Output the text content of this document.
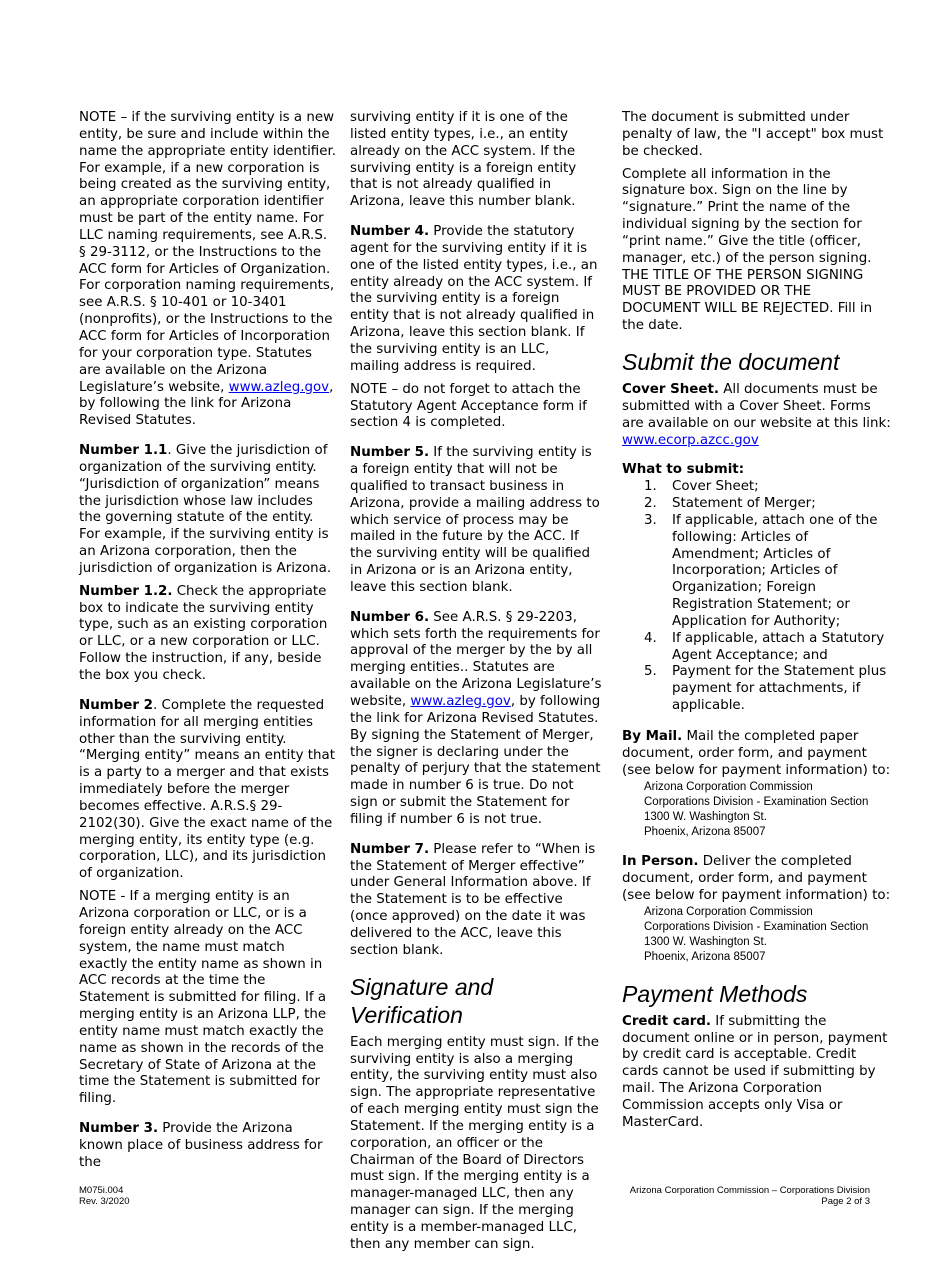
NOTE – if the surviving entity is a new entity, be sure and include within the name the appropriate entity identifier. For example, if a new corporation is being created as the surviving entity, an appropriate corporation identifier must be part of the entity name. For LLC naming requirements, see A.R.S. § 29-3112, or the Instructions to the ACC form for Articles of Organization. For corporation naming requirements, see A.R.S. § 10-401 or 10-3401 (nonprofits), or the Instructions to the ACC form for Articles of Incorporation for your corporation type. Statutes are available on the Arizona Legislature’s website, www.azleg.gov, by following the link for Arizona Revised Statutes.

Number 1.1. Give the jurisdiction of organization of the surviving entity. “Jurisdiction of organization” means the jurisdiction whose law includes the governing statute of the entity. For example, if the surviving entity is an Arizona corporation, then the jurisdiction of organization is Arizona.

Number 1.2. Check the appropriate box to indicate the surviving entity type, such as an existing corporation or LLC, or a new corporation or LLC. Follow the instruction, if any, beside the box you check.

Number 2. Complete the requested information for all merging entities other than the surviving entity. “Merging entity” means an entity that is a party to a merger and that exists immediately before the merger becomes effective. A.R.S.§ 29-2102(30). Give the exact name of the merging entity, its entity type (e.g. corporation, LLC), and its jurisdiction of organization.

NOTE - If a merging entity is an Arizona corporation or LLC, or is a foreign entity already on the ACC system, the name must match exactly the entity name as shown in ACC records at the time the Statement is submitted for filing. If a merging entity is an Arizona LLP, the entity name must match exactly the name as shown in the records of the Secretary of State of Arizona at the time the Statement is submitted for filing.

Number 3. Provide the Arizona known place of business address for the

surviving entity if it is one of the listed entity types, i.e., an entity already on the ACC system. If the surviving entity is a foreign entity that is not already qualified in Arizona, leave this number blank.

Number 4. Provide the statutory agent for the surviving entity if it is one of the listed entity types, i.e., an entity already on the ACC system. If the surviving entity is a foreign entity that is not already qualified in Arizona, leave this section blank. If the surviving entity is an LLC, mailing address is required.

NOTE – do not forget to attach the Statutory Agent Acceptance form if section 4 is completed.

Number 5. If the surviving entity is a foreign entity that will not be qualified to transact business in Arizona, provide a mailing address to which service of process may be mailed in the future by the ACC. If the surviving entity will be qualified in Arizona or is an Arizona entity, leave this section blank.

Number 6. See A.R.S. § 29-2203, which sets forth the requirements for approval of the merger by the by all merging entities.. Statutes are available on the Arizona Legislature’s website, www.azleg.gov, by following the link for Arizona Revised Statutes. By signing the Statement of Merger, the signer is declaring under the penalty of perjury that the statement made in number 6 is true. Do not sign or submit the Statement for filing if number 6 is not true.

Number 7. Please refer to “When is the Statement of Merger effective” under General Information above. If the Statement is to be effective (once approved) on the date it was delivered to the ACC, leave this section blank.

Signature and Verification

Each merging entity must sign. If the surviving entity is also a merging entity, the surviving entity must also sign. The appropriate representative of each merging entity must sign the Statement. If the merging entity is a corporation, an officer or the Chairman of the Board of Directors must sign. If the merging entity is a manager-managed LLC, then any manager can sign. If the merging entity is a member-managed LLC, then any member can sign.

The document is submitted under penalty of law, the "I accept" box must be checked.

Complete all information in the signature box. Sign on the line by “signature.” Print the name of the individual signing by the section for “print name.” Give the title (officer, manager, etc.) of the person signing. THE TITLE OF THE PERSON SIGNING MUST BE PROVIDED OR THE DOCUMENT WILL BE REJECTED. Fill in the date.

Submit the document

Cover Sheet. All documents must be submitted with a Cover Sheet. Forms are available on our website at this link: www.ecorp.azcc.gov

What to submit:
1. Cover Sheet;
2. Statement of Merger;
3. If applicable, attach one of the following: Articles of Amendment; Articles of Incorporation; Articles of Organization; Foreign Registration Statement; or Application for Authority;
4. If applicable, attach a Statutory Agent Acceptance; and
5. Payment for the Statement plus payment for attachments, if applicable.

By Mail. Mail the completed paper document, order form, and payment (see below for payment information) to:

Arizona Corporation Commission
Corporations Division - Examination Section
1300 W. Washington St.
Phoenix, Arizona 85007

In Person. Deliver the completed document, order form, and payment (see below for payment information) to:

Arizona Corporation Commission
Corporations Division - Examination Section
1300 W. Washington St.
Phoenix, Arizona 85007
Payment Methods

Credit card. If submitting the document online or in person, payment by credit card is acceptable. Credit cards cannot be used if submitting by mail. The Arizona Corporation Commission accepts only Visa or MasterCard.

M075i.004
Rev. 3/2020
Arizona Corporation Commission – Corporations Division
Page 2 of 3
